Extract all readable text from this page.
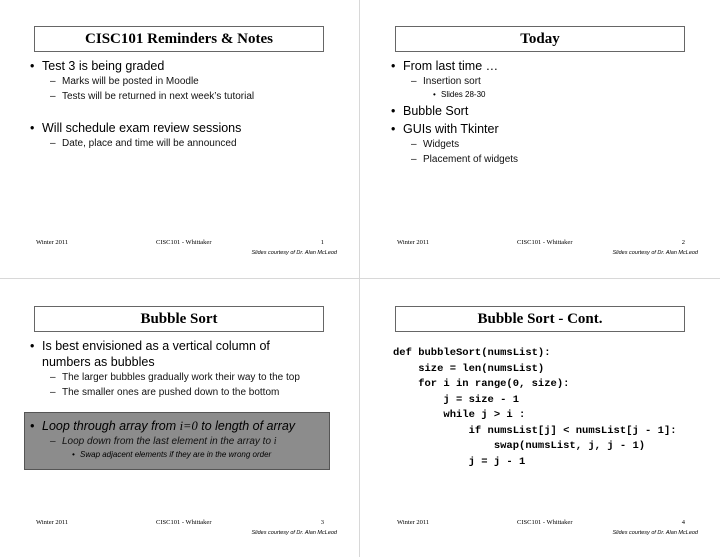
CISC101 Reminders & Notes
• Test 3 is being graded
– Marks will be posted in Moodle
– Tests will be returned in next week’s tutorial
• Will schedule exam review sessions
– Date, place and time will be announced
Winter 2011	CISC101 - Whittaker	1
Slides courtesy of Dr. Alan McLeod
Today
• From last time …
– Insertion sort
• Slides 28-30
• Bubble Sort
• GUIs with Tkinter
– Widgets
– Placement of widgets
Winter 2011	CISC101 - Whittaker	2
Slides courtesy of Dr. Alan McLeod
Bubble Sort
• Is best envisioned as a vertical column of
numbers as bubbles
– The larger bubbles gradually work their way to the top
– The smaller ones are pushed down to the bottom
• Loop through array from i=0 to length of array
– Loop down from the last element in the array to i
• Swap adjacent elements if they are in the wrong order
Winter 2011	CISC101 - Whittaker	3
Slides courtesy of Dr. Alan McLeod
Bubble Sort - Cont.
def bubbleSort(numsList):
size = len(numsList)
for i in range(0, size):
j = size - 1
while j > i :
if numsList[j] < numsList[j - 1]:
swap(numsList, j, j - 1)
j = j - 1
Winter 2011	CISC101 - Whittaker	4
Slides courtesy of Dr. Alan McLeod
